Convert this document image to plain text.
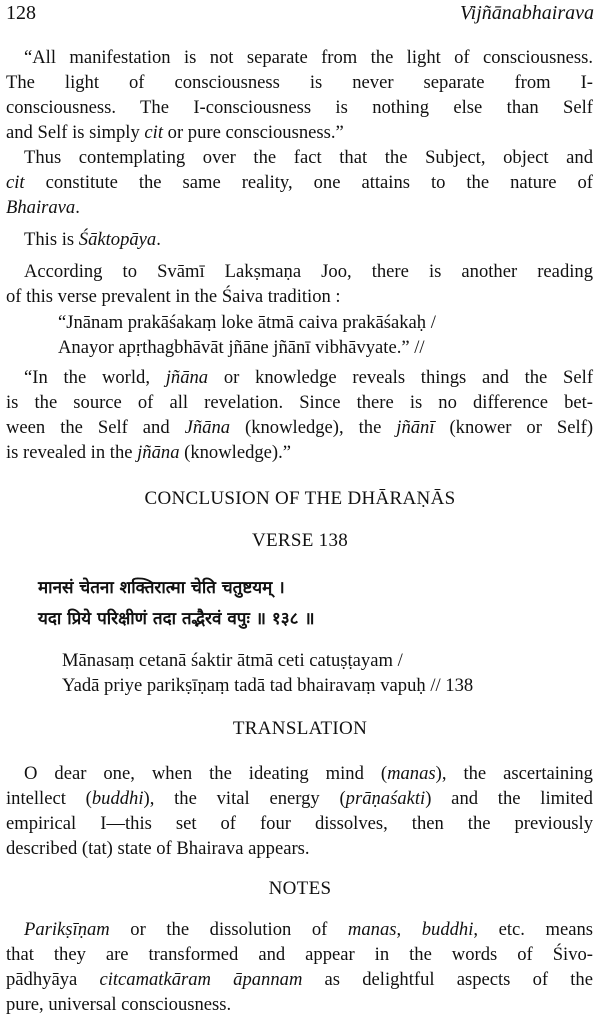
128	Vijñānabhairava
“All manifestation is not separate from the light of consciousness.
The light of consciousness is never separate from I-
consciousness. The I-consciousness is nothing else than Self
and Self is simply cit or pure consciousness.”
Thus contemplating over the fact that the Subject, object and
cit constitute the same reality, one attains to the nature of
Bhairava.
This is Śāktopāya.
According to Svāmī Lakṣmaṇa Joo, there is another reading
of this verse prevalent in the Śaiva tradition :
“Jnānam prakāśakaṃ loke ātmā caiva prakāśakaḥ /
Anayor apṛthagbhāvāt jñāne jñānī vibhāvyate.” //
“In the world, jñāna or knowledge reveals things and the Self
is the source of all revelation. Since there is no difference bet-
ween the Self and Jñāna (knowledge), the jñānī (knower or Self)
is revealed in the jñāna (knowledge).”
CONCLUSION OF THE DHĀRAṆĀS
VERSE 138
मानसं चेतना शक्तिरात्मा चेति चतुष्टयम् ।
यदा प्रिये परिक्षीणं तदा तद्भैरवं वपुः ॥ १३८ ॥
Mānasaṃ cetanā śaktir ātmā ceti catuṣṭayam /
Yadā priye parikṣīṇaṃ tadā tad bhairavaṃ vapuḥ // 138
TRANSLATION
O dear one, when the ideating mind (manas), the ascertaining
intellect (buddhi), the vital energy (prāṇaśakti) and the limited
empirical I—this set of four dissolves, then the previously
described (tat) state of Bhairava appears.
NOTES
Parikṣīṇam or the dissolution of manas, buddhi, etc. means
that they are transformed and appear in the words of Śivo-
pādhyāya citcamatkāram āpannam as delightful aspects of the
pure, universal consciousness.
